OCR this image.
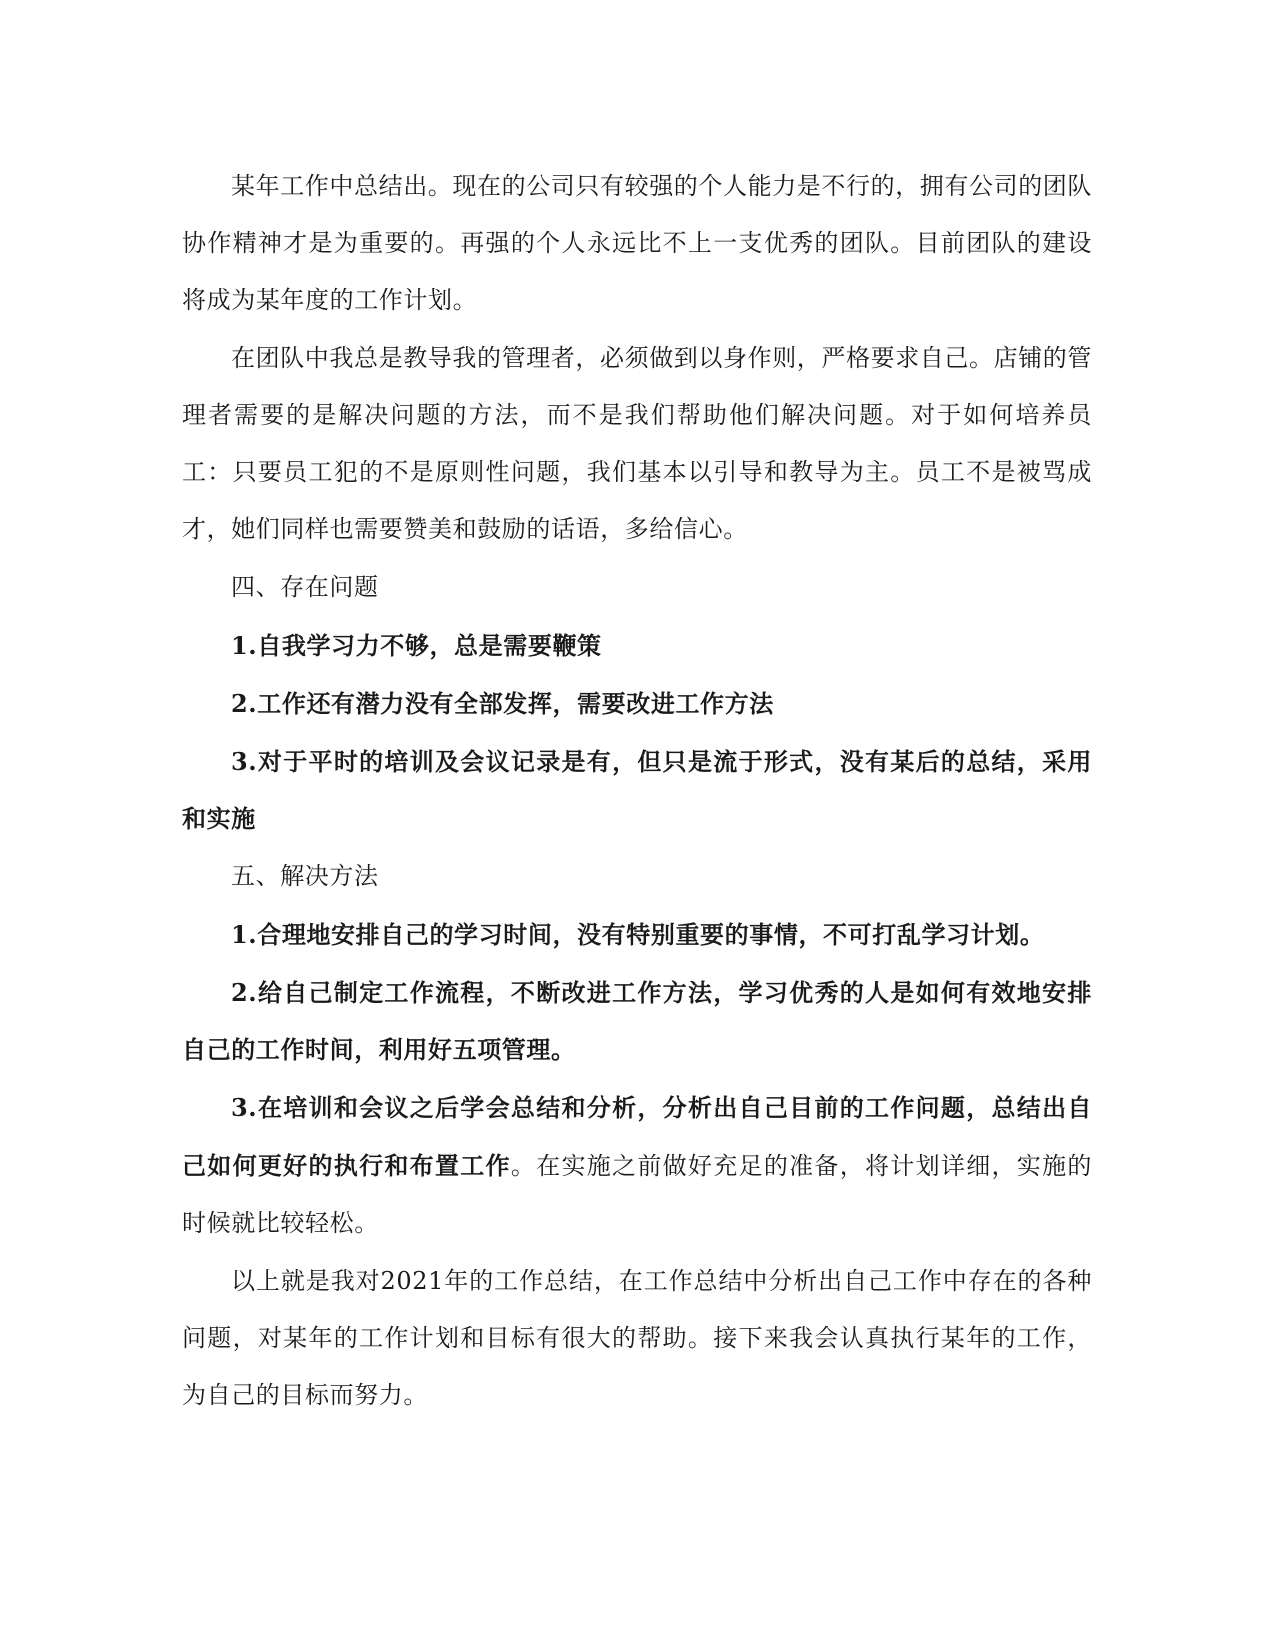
某年工作中总结出。现在的公司只有较强的个人能力是不行的，拥有公司的团队协作精神才是为重要的。再强的个人永远比不上一支优秀的团队。目前团队的建设将成为某年度的工作计划。

在团队中我总是教导我的管理者，必须做到以身作则，严格要求自己。店铺的管理者需要的是解决问题的方法，而不是我们帮助他们解决问题。对于如何培养员工：只要员工犯的不是原则性问题，我们基本以引导和教导为主。员工不是被骂成才，她们同样也需要赞美和鼓励的话语，多给信心。

四、存在问题

1.自我学习力不够，总是需要鞭策

2.工作还有潜力没有全部发挥，需要改进工作方法

3.对于平时的培训及会议记录是有，但只是流于形式，没有某后的总结，采用和实施

五、解决方法

1.合理地安排自己的学习时间，没有特别重要的事情，不可打乱学习计划。

2.给自己制定工作流程，不断改进工作方法，学习优秀的人是如何有效地安排自己的工作时间，利用好五项管理。

3.在培训和会议之后学会总结和分析，分析出自己目前的工作问题，总结出自己如何更好的执行和布置工作。在实施之前做好充足的准备，将计划详细，实施的时候就比较轻松。

以上就是我对2021年的工作总结，在工作总结中分析出自己工作中存在的各种问题，对某年的工作计划和目标有很大的帮助。接下来我会认真执行某年的工作，为自己的目标而努力。
